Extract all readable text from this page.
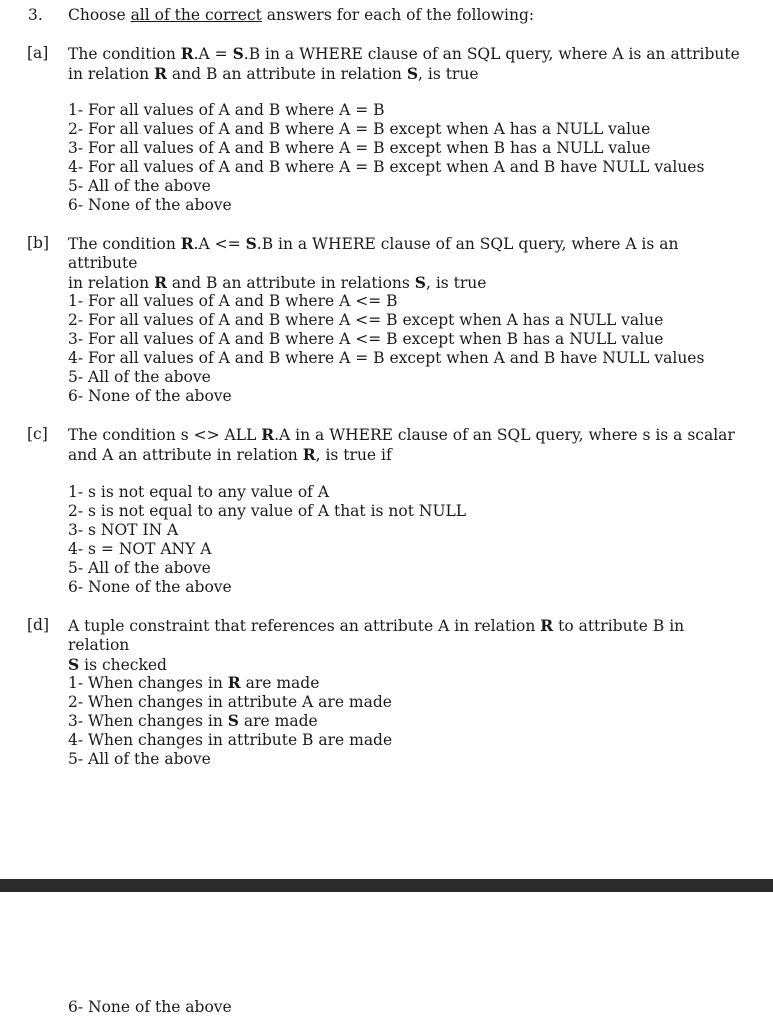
3. Choose all of the correct answers for each of the following:
[a] The condition R.A = S.B in a WHERE clause of an SQL query, where A is an attribute
in relation R and B an attribute in relation S, is true
1- For all values of A and B where A = B
2- For all values of A and B where A = B except when A has a NULL value
3- For all values of A and B where A = B except when B has a NULL value
4- For all values of A and B where A = B except when A and B have NULL values
5- All of the above
6- None of the above
[b] The condition R.A <= S.B in a WHERE clause of an SQL query, where A is an attribute
in relation R and B an attribute in relations S, is true
1- For all values of A and B where A <= B
2- For all values of A and B where A <= B except when A has a NULL value
3- For all values of A and B where A <= B except when B has a NULL value
4- For all values of A and B where A = B except when A and B have NULL values
5- All of the above
6- None of the above
[c] The condition s <> ALL R.A in a WHERE clause of an SQL query, where s is a scalar
and A an attribute in relation R, is true if
1- s is not equal to any value of A
2- s is not equal to any value of A that is not NULL
3- s NOT IN A
4- s = NOT ANY A
5- All of the above
6- None of the above
[d] A tuple constraint that references an attribute A in relation R to attribute B in relation
S is checked
1- When changes in R are made
2- When changes in attribute A are made
3- When changes in S are made
4- When changes in attribute B are made
5- All of the above
6- None of the above
